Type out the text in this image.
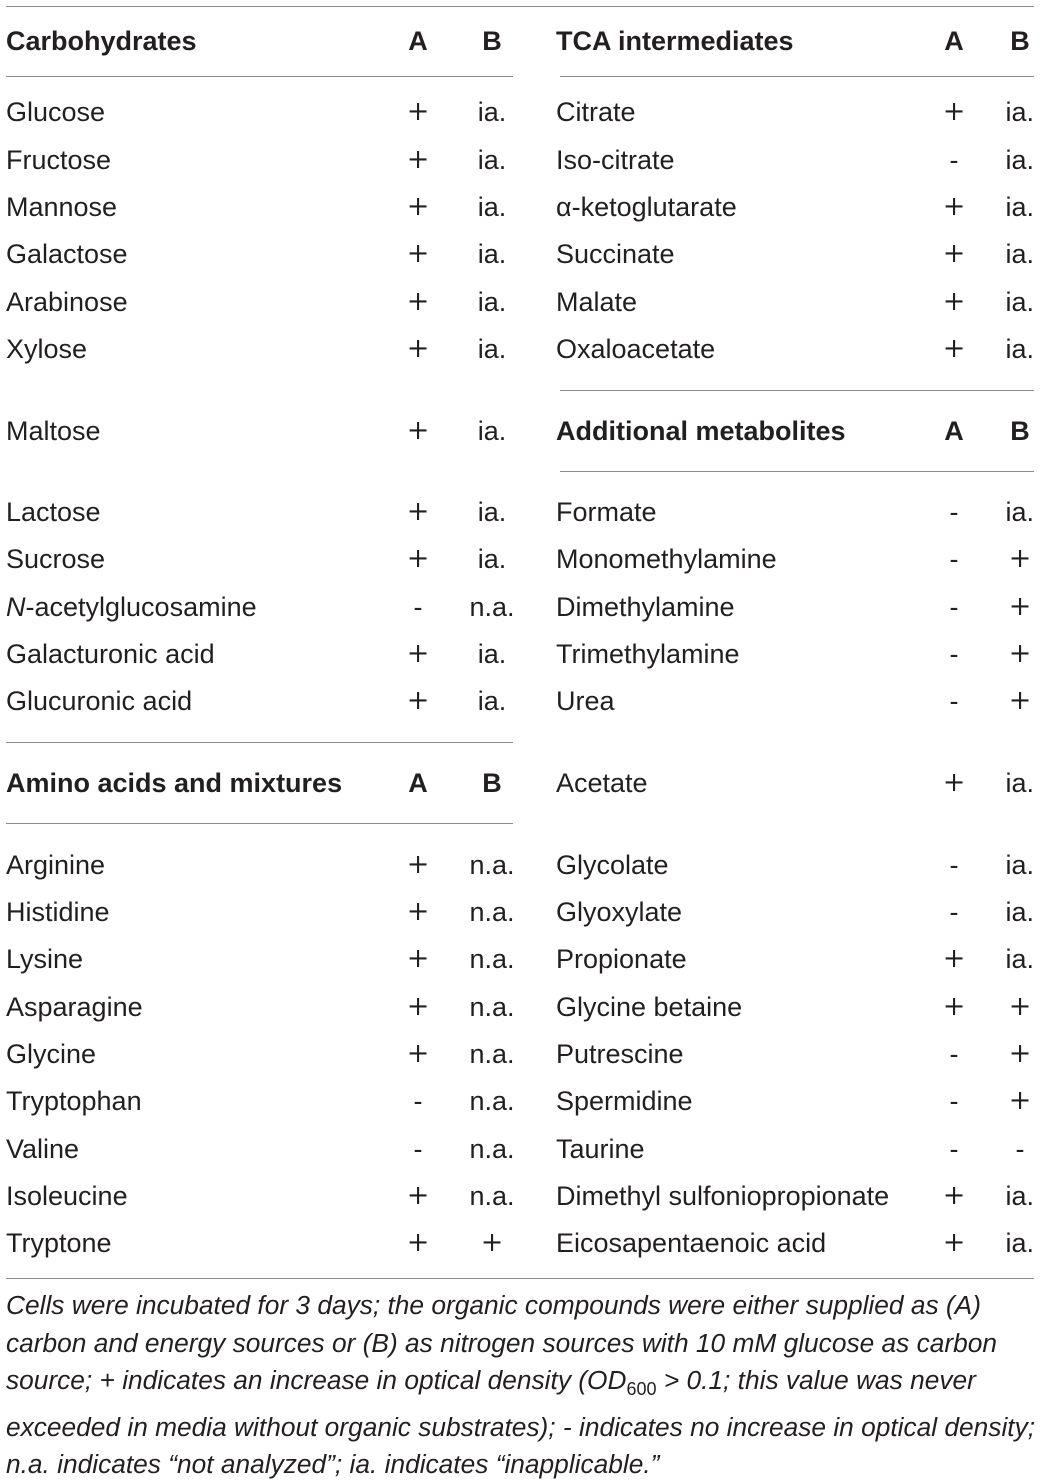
Carbohydrates	A	B
Glucose	+	ia.
Fructose	+	ia.
Mannose	+	ia.
Galactose	+	ia.
Arabinose	+	ia.
Xylose	+	ia.
Maltose	+	ia.
Lactose	+	ia.
Sucrose	+	ia.
N-acetylglucosamine	-	n.a.
Galacturonic acid	+	ia.
Glucuronic acid	+	ia.
Amino acids and mixtures	A	B
Arginine	+	n.a.
Histidine	+	n.a.
Lysine	+	n.a.
Asparagine	+	n.a.
Glycine	+	n.a.
Tryptophan	-	n.a.
Valine	-	n.a.
Isoleucine	+	n.a.
Tryptone	+	+
TCA intermediates	A	B
Citrate	+	ia.
Iso-citrate	-	ia.
α-ketoglutarate	+	ia.
Succinate	+	ia.
Malate	+	ia.
Oxaloacetate	+	ia.
Additional metabolites	A	B
Formate	-	ia.
Monomethylamine	-	+
Dimethylamine	-	+
Trimethylamine	-	+
Urea	-	+
Acetate	+	ia.
Glycolate	-	ia.
Glyoxylate	-	ia.
Propionate	+	ia.
Glycine betaine	+	+
Putrescine	-	+
Spermidine	-	+
Taurine	-	-
Dimethyl sulfoniopropionate	+	ia.
Eicosapentaenoic acid	+	ia.
Cells were incubated for 3 days; the organic compounds were either supplied as (A) carbon and energy sources or (B) as nitrogen sources with 10 mM glucose as carbon source; + indicates an increase in optical density ($OD_{600} > 0.1$; this value was never exceeded in media without organic substrates); - indicates no increase in optical density; n.a. indicates “not analyzed”; ia. indicates “inapplicable.”
